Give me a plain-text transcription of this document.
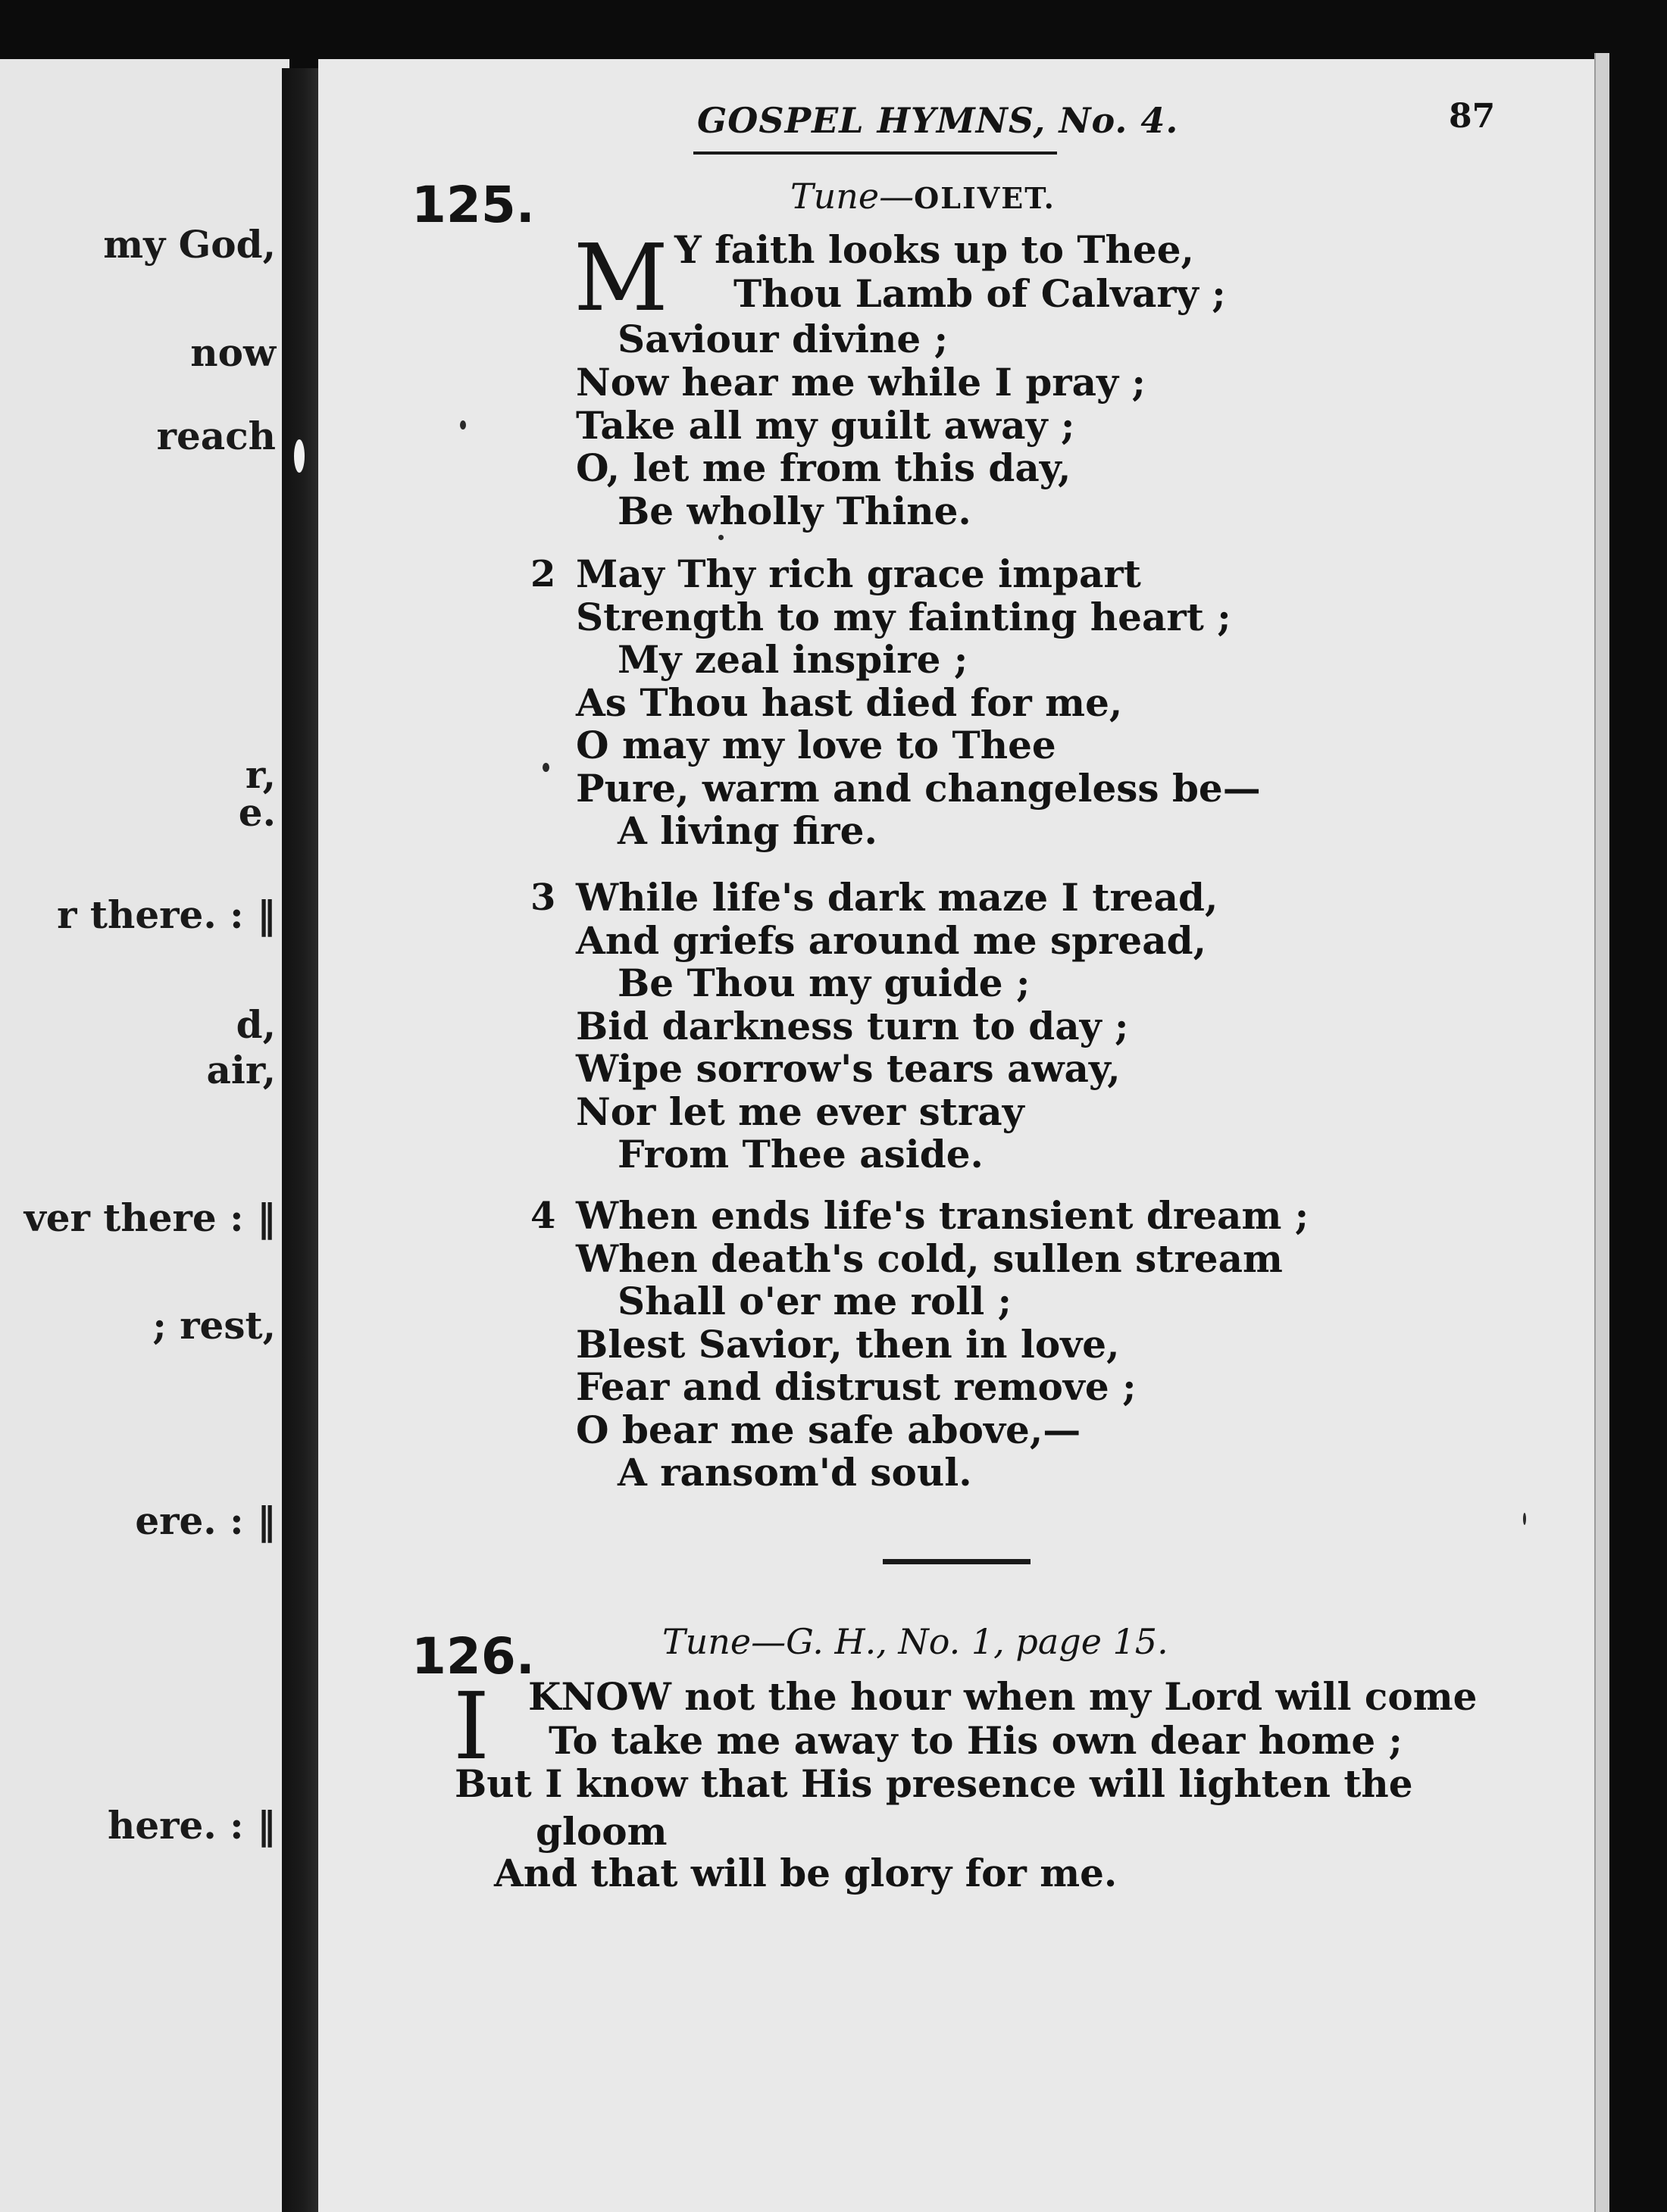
my God,
now
reach
r,
e.
r there. : ‖
d,
air,
ver there : ‖
; rest,
ere. : ‖
here. : ‖
GOSPEL HYMNS, No. 4.	87
125.	Tune—OLIVET.
M Y faith looks up to Thee,
Thou Lamb of Calvary ;
Saviour divine ;
Now hear me while I pray ;
Take all my guilt away ;
O, let me from this day,
Be wholly Thine.
2 May Thy rich grace impart
Strength to my fainting heart ;
My zeal inspire ;
As Thou hast died for me,
O may my love to Thee
Pure, warm and changeless be—
A living fire.
3 While life's dark maze I tread,
And griefs around me spread,
Be Thou my guide ;
Bid darkness turn to day ;
Wipe sorrow's tears away,
Nor let me ever stray
From Thee aside.
4 When ends life's transient dream ;
When death's cold, sullen stream
Shall o'er me roll ;
Blest Savior, then in love,
Fear and distrust remove ;
O bear me safe above,—
A ransom'd soul.
126.	Tune—G. H., No. 1, page 15.
I KNOW not the hour when my Lord will come
To take me away to His own dear home ;
But I know that His presence will lighten the
gloom
And that will be glory for me.
